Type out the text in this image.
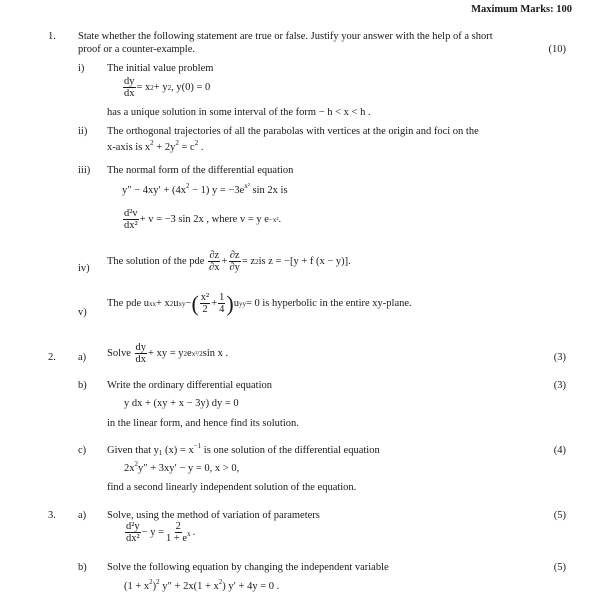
Maximum Marks: 100
1. State whether the following statement are true or false. Justify your answer with the help of a short
proof or a counter-example.	(10)
i) The initial value problem
$\frac{dy}{dx} = x$ 2 + y 2 , y(0) = 0
has a unique solution in some interval of the form − h < x < h .
ii) The orthogonal trajectories of all the parabolas with vertices at the origin and foci on the
x-axis is $x^2 + 2y^2 = c^2$ .
iii) The normal form of the differential equation
$y'' - 4xy' + (4x^2 - 1) y = -3e^{x^2}$ sin 2x is
$\frac{\text{d²v}}{\text{dx²}} + v = -3$ sin 2x , where v = y e −x² .
iv)
The solution of the pde
$\frac{\partial z}{\partial x} + \frac{\partial z}{\partial y} = z$ 2 is z = −[y + f (x − y)].
v)
The pde u xx + x 2 u xy − ( $\frac{\text{x²}}{2} + \frac{1}{4}$ ) u yy = 0 is hyperbolic in the entire xy-plane.
2. a) Solve
$\frac{dy}{dx}$ + xy = y 2 e x²/2 sin x .	(3)
b) Write the ordinary differential equation	(3)
y dx + (xy + x − 3y) dy = 0
in the linear form, and hence find its solution.
c) Given that $y_1$ $(x) = x^{-1}$ is one solution of the differential equation	(4)
$2x^2y'' + 3xy' - y = 0$, x > 0,
find a second linearly independent solution of the equation.
3. a) Solve, using the method of variation of parameters	(5)
$\frac{\text{d²y}}{\text{dx²}} - y = \frac{2}{1 + e^x}$ .
b) Solve the following equation by changing the independent variable	(5)
$(1 + x^2)^2$ $y'' + 2x(1 + x^2)$ y′ + 4y = 0 .
